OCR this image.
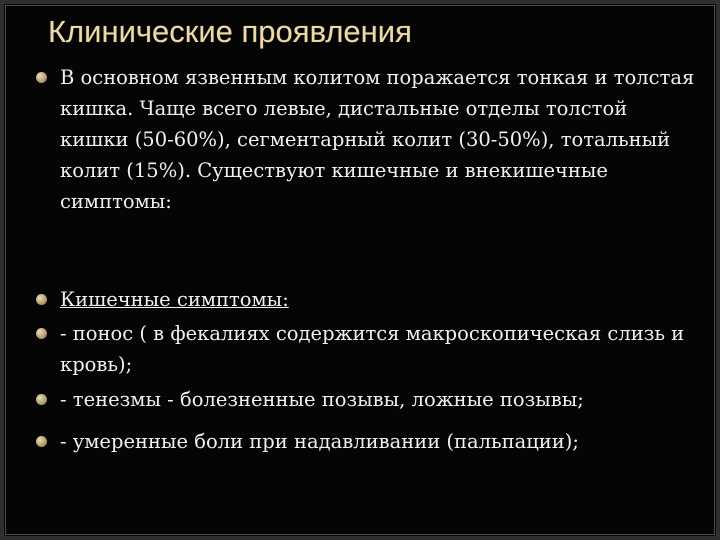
Клинические проявления
В основном язвенным колитом поражается тонкая и толстая кишка. Чаще всего левые, дистальные отделы толстой кишки (50-60%), сегментарный колит (30-50%), тотальный колит (15%). Существуют кишечные и внекишечные симптомы:
Кишечные симптомы:
- понос ( в фекалиях содержится макроскопическая слизь и кровь);
- тенезмы - болезненные позывы, ложные позывы;
- умеренные боли при надавливании (пальпации);
